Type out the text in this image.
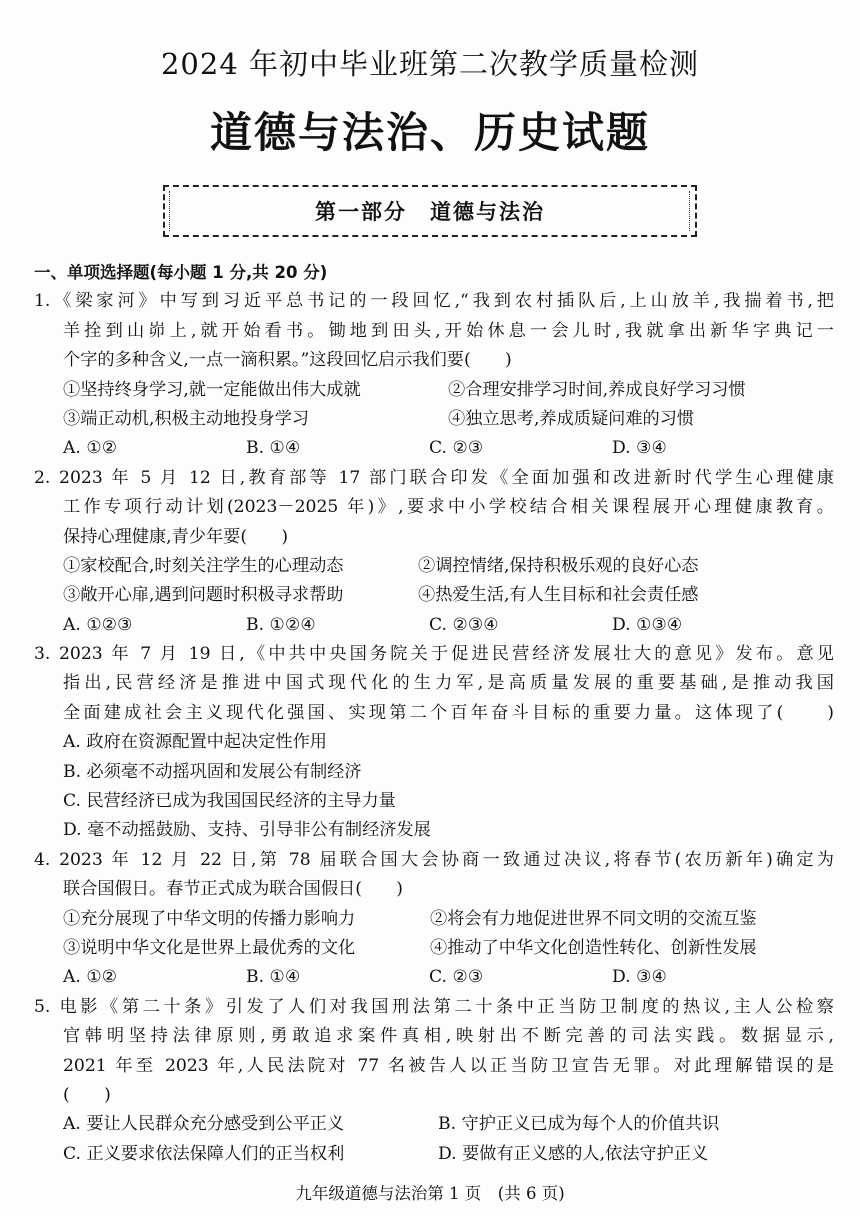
2024 年初中毕业班第二次教学质量检测
道德与法治、历史试题
第一部分　道德与法治
一、单项选择题(每小题 1 分,共 20 分)
1.《梁家河》中写到习近平总书记的一段回忆,“我到农村插队后,上山放羊,我揣着书,把
羊拴到山峁上,就开始看书。锄地到田头,开始休息一会儿时,我就拿出新华字典记一
个字的多种含义,一点一滴积累。”这段回忆启示我们要(　　)
①坚持终身学习,就一定能做出伟大成就	②合理安排学习时间,养成良好学习习惯
③端正动机,积极主动地投身学习	④独立思考,养成质疑问难的习惯
A. ①②	B. ①④	C. ②③	D. ③④
2. 2023 年 5 月 12 日,教育部等 17 部门联合印发《全面加强和改进新时代学生心理健康
工作专项行动计划(2023－2025 年)》,要求中小学校结合相关课程展开心理健康教育。
保持心理健康,青少年要(　　)
①家校配合,时刻关注学生的心理动态	②调控情绪,保持积极乐观的良好心态
③敞开心扉,遇到问题时积极寻求帮助	④热爱生活,有人生目标和社会责任感
A. ①②③	B. ①②④	C. ②③④	D. ①③④
3. 2023 年 7 月 19 日,《中共中央国务院关于促进民营经济发展壮大的意见》发布。意见
指出,民营经济是推进中国式现代化的生力军,是高质量发展的重要基础,是推动我国
全面建成社会主义现代化强国、实现第二个百年奋斗目标的重要力量。这体现了(　　)
A. 政府在资源配置中起决定性作用
B. 必须毫不动摇巩固和发展公有制经济
C. 民营经济已成为我国国民经济的主导力量
D. 毫不动摇鼓励、支持、引导非公有制经济发展
4. 2023 年 12 月 22 日,第 78 届联合国大会协商一致通过决议,将春节(农历新年)确定为
联合国假日。春节正式成为联合国假日(　　)
①充分展现了中华文明的传播力影响力	②将会有力地促进世界不同文明的交流互鉴
③说明中华文化是世界上最优秀的文化	④推动了中华文化创造性转化、创新性发展
A. ①②	B. ①④	C. ②③	D. ③④
5. 电影《第二十条》引发了人们对我国刑法第二十条中正当防卫制度的热议,主人公检察
官韩明坚持法律原则,勇敢追求案件真相,映射出不断完善的司法实践。数据显示,
2021 年至 2023 年,人民法院对 77 名被告人以正当防卫宣告无罪。对此理解错误的是
(　　)
A. 要让人民群众充分感受到公平正义	B. 守护正义已成为每个人的价值共识
C. 正义要求依法保障人们的正当权利	D. 要做有正义感的人,依法守护正义
九年级道德与法治第 1 页　(共 6 页)
